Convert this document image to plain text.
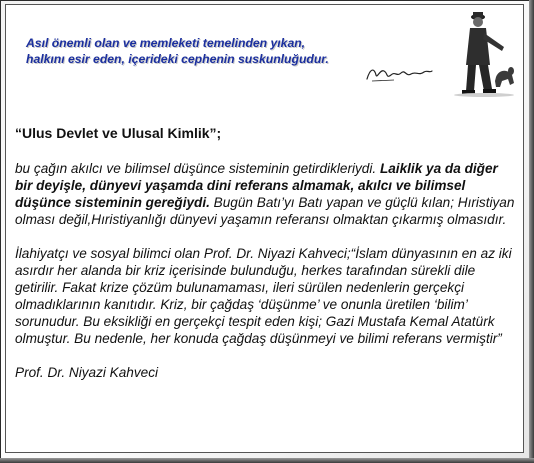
Asıl önemli olan ve memleketi temelinden yıkan,
halkını esir eden, içerideki cephenin suskunluğudur.
“Ulus Devlet ve Ulusal Kimlik”;

bu çağın akılcı ve bilimsel düşünce sisteminin getirdikleriydi. Laiklik ya da diğer bir deyişle, dünyevi yaşamda dini referans almamak, akılcı ve bilimsel düşünce sisteminin gereğiydi. Bugün Batı’yı Batı yapan ve güçlü kılan; Hıristiyan olması değil,Hıristiyanlığı dünyevi yaşamın referansı olmaktan çıkarmış olmasıdır.

İlahiyatçı ve sosyal bilimci olan Prof. Dr. Niyazi Kahveci;“İslam dünyasının en az iki asırdır her alanda bir kriz içerisinde bulunduğu, herkes tarafından sürekli dile getirilir. Fakat krize çözüm bulunamaması, ileri sürülen nedenlerin gerçekçi olmadıklarının kanıtıdır. Kriz, bir çağdaş ‘düşünme’ ve onunla üretilen ‘bilim’ sorunudur. Bu eksikliği en gerçekçi tespit eden kişi; Gazi Mustafa Kemal Atatürk olmuştur. Bu nedenle, her konuda çağdaş düşünmeyi ve bilimi referans vermiştir”

Prof. Dr. Niyazi Kahveci
